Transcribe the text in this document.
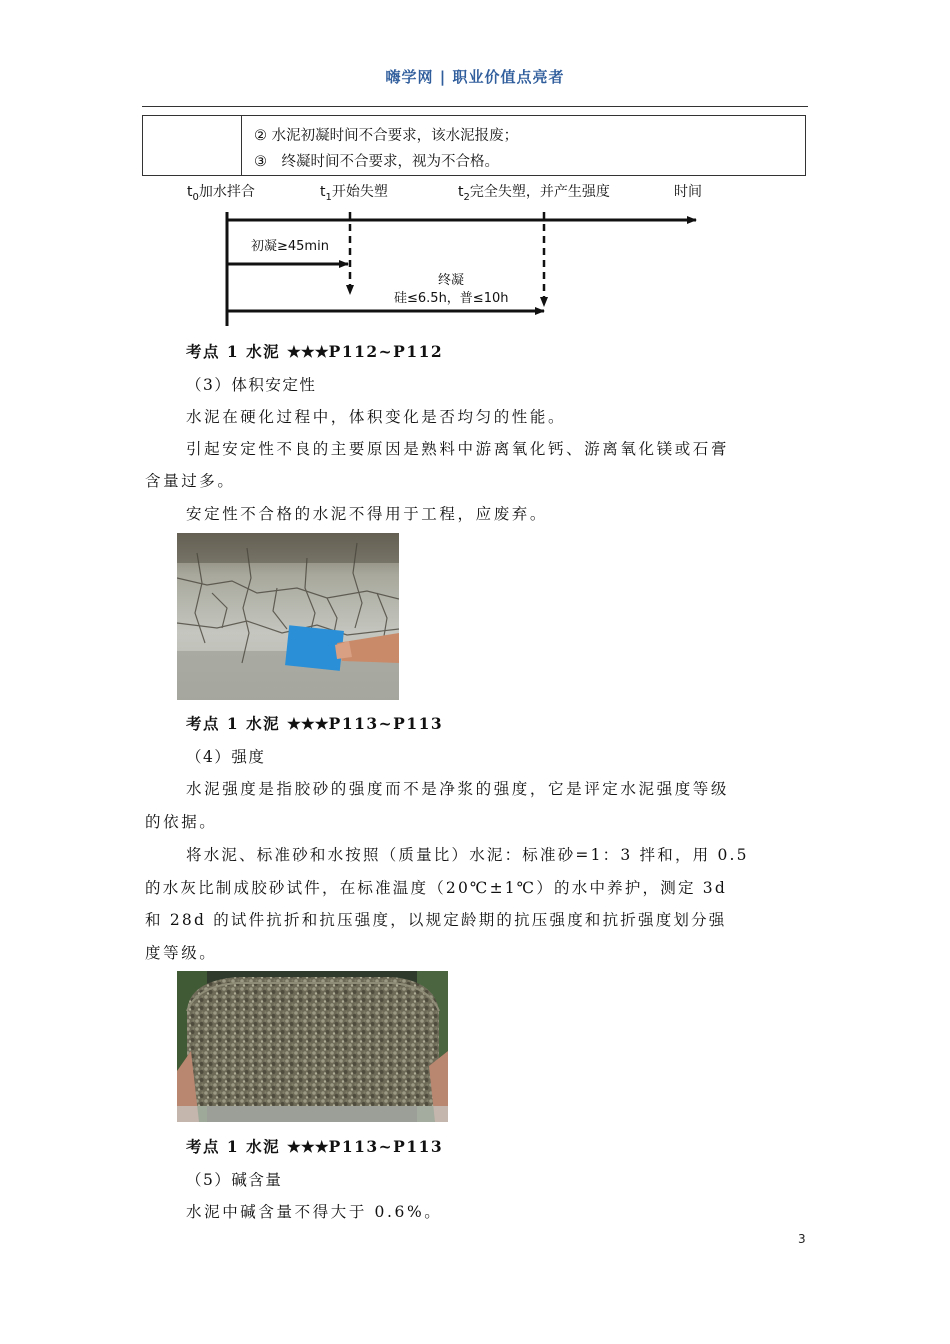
嗨学网 | 职业价值点亮者
② 水泥初凝时间不合要求，该水泥报废；
③　终凝时间不合要求，视为不合格。
$t_0$加水拌合	$t_1$开始失塑	$t_2$完全失塑，并产生强度	时间
初凝≥45min
终凝
硅≤6.5h，普≤10h
考点 1 水泥 ★★★P112~P112
（3）体积安定性
水泥在硬化过程中，体积变化是否均匀的性能。
引起安定性不良的主要原因是熟料中游离氧化钙、游离氧化镁或石膏
含量过多。
安定性不合格的水泥不得用于工程，应废弃。
考点 1 水泥 ★★★P113~P113
（4）强度
水泥强度是指胶砂的强度而不是净浆的强度，它是评定水泥强度等级
的依据。
将水泥、标准砂和水按照（质量比）水泥：标准砂=1：3 拌和，用 0.5
的水灰比制成胶砂试件，在标准温度（20℃±1℃）的水中养护，测定 3d
和 28d 的试件抗折和抗压强度，以规定龄期的抗压强度和抗折强度划分强
度等级。
考点 1 水泥 ★★★P113~P113
（5）碱含量
水泥中碱含量不得大于 0.6%。
3
